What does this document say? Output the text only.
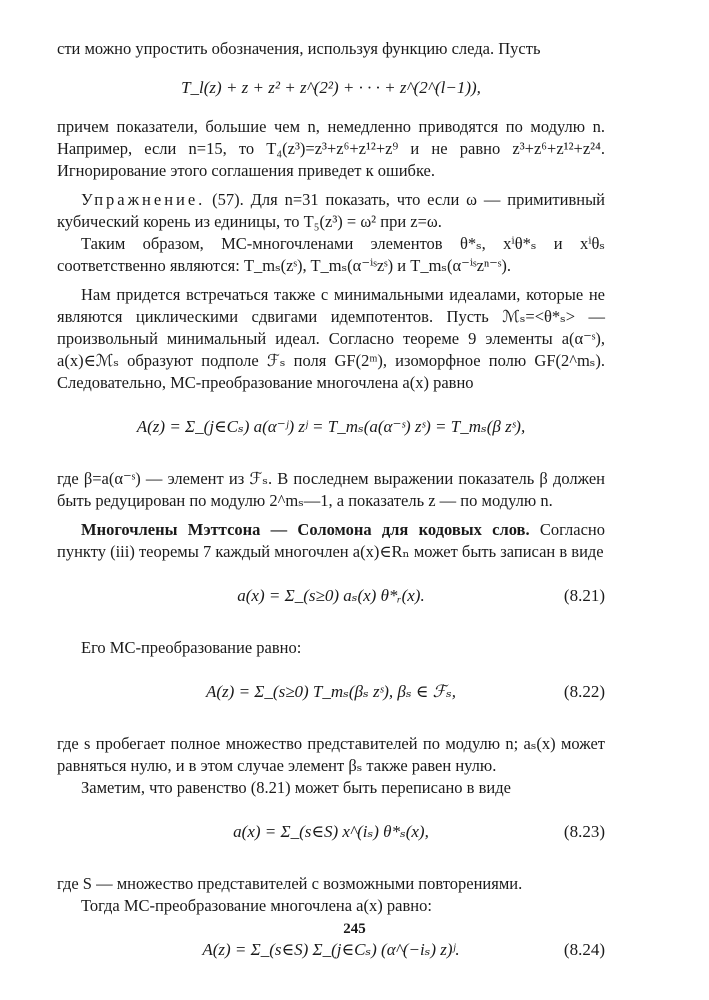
сти можно упростить обозначения, используя функцию следа. Пусть

T_l(z) + z + z² + z^(2²) + · · · + z^(2^(l−1)),

причем показатели, большие чем n, немедленно приводятся по модулю n. Например, если n=15, то T₄(z³)=z³+z⁶+z¹²+z⁹ и не равно z³+z⁶+z¹²+z²⁴. Игнорирование этого соглашения приведет к ошибке.

Упражнение. (57). Для n=31 показать, что если ω — примитивный кубический корень из единицы, то T₅(z³) = ω² при z=ω.

Таким образом, МС-многочленами элементов θ*ₛ, xⁱθ*ₛ и xⁱθₛ соответственно являются: T_mₛ(zˢ), T_mₛ(α⁻ⁱˢzˢ) и T_mₛ(α⁻ⁱˢzⁿ⁻ˢ).

Нам придется встречаться также с минимальными идеалами, которые не являются циклическими сдвигами идемпотентов. Пусть ℳₛ=<θ*ₛ> — произвольный минимальный идеал. Согласно теореме 9 элементы a(α⁻ˢ), a(x)∈ℳₛ образуют подполе ℱₛ поля GF(2ᵐ), изоморфное полю GF(2^mₛ). Следовательно, МС-преобразование многочлена a(x) равно

A(z) = Σ_(j∈Cₛ) a(α⁻ʲ) zʲ = T_mₛ(a(α⁻ˢ) zˢ) = T_mₛ(β zˢ),

где β=a(α⁻ˢ) — элемент из ℱₛ. В последнем выражении показатель β должен быть редуцирован по модулю 2^mₛ—1, а показатель z — по модулю n.

Многочлены Мэттсона — Соломона для кодовых слов. Согласно пункту (iii) теоремы 7 каждый многочлен a(x)∈Rₙ может быть записан в виде

a(x) = Σ_(s≥0) aₛ(x) θ*ᵣ(x).	(8.21)

Его МС-преобразование равно:

A(z) = Σ_(s≥0) T_mₛ(βₛ zˢ), βₛ ∈ ℱₛ,	(8.22)

где s пробегает полное множество представителей по модулю n; aₛ(x) может равняться нулю, и в этом случае элемент βₛ также равен нулю.

Заметим, что равенство (8.21) может быть переписано в виде

a(x) = Σ_(s∈S) x^(iₛ) θ*ₛ(x),	(8.23)

где S — множество представителей с возможными повторениями.

Тогда МС-преобразование многочлена a(x) равно:

A(z) = Σ_(s∈S) Σ_(j∈Cₛ) (α^(−iₛ) z)ʲ.	(8.24)
245
